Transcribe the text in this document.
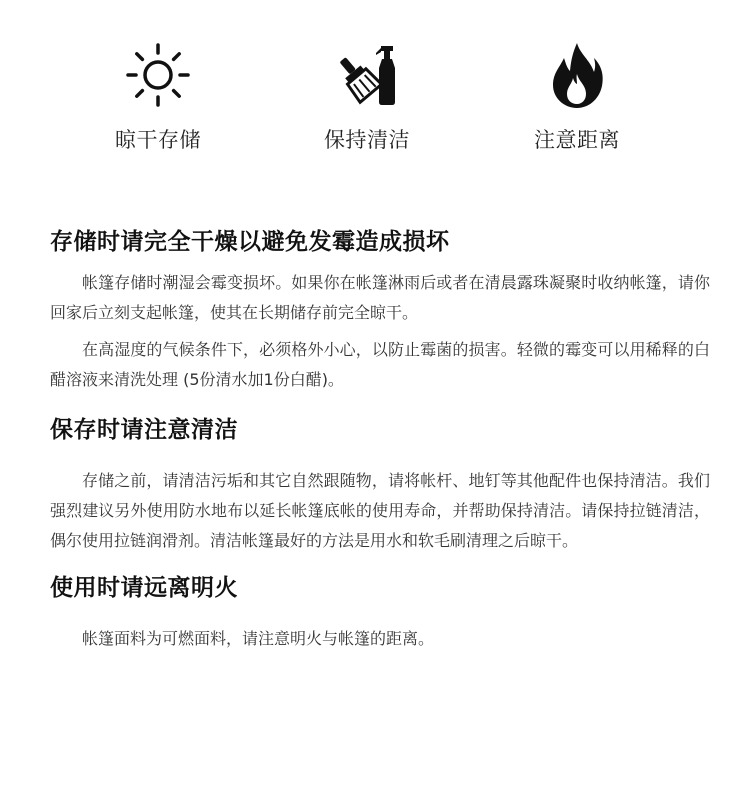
晾干存储	保持清洁	注意距离
存储时请完全干燥以避免发霉造成损坏

帐篷存储时潮湿会霉变损坏。如果你在帐篷淋雨后或者在清晨露珠凝聚时收纳帐篷，请你回家后立刻支起帐篷，使其在长期储存前完全晾干。

在高湿度的气候条件下，必须格外小心，以防止霉菌的损害。轻微的霉变可以用稀释的白醋溶液来清洗处理 (5份清水加1份白醋)。

保存时请注意清洁

存储之前，请清洁污垢和其它自然跟随物，请将帐杆、地钉等其他配件也保持清洁。我们强烈建议另外使用防水地布以延长帐篷底帐的使用寿命，并帮助保持清洁。请保持拉链清洁，偶尔使用拉链润滑剂。清洁帐篷最好的方法是用水和软毛刷清理之后晾干。

使用时请远离明火

帐篷面料为可燃面料，请注意明火与帐篷的距离。
